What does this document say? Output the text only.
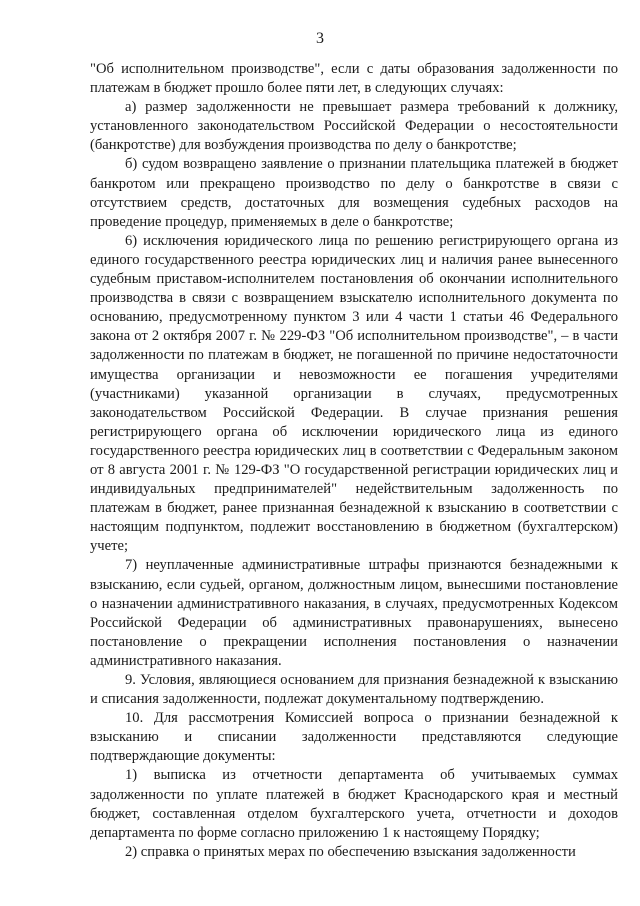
3

"Об исполнительном производстве", если с даты образования задолженности по платежам в бюджет прошло более пяти лет, в следующих случаях:

а) размер задолженности не превышает размера требований к должнику, установленного законодательством Российской Федерации о несостоятельности (банкротстве) для возбуждения производства по делу о банкротстве;

б) судом возвращено заявление о признании плательщика платежей в бюджет банкротом или прекращено производство по делу о банкротстве в связи с отсутствием средств, достаточных для возмещения судебных расходов на проведение процедур, применяемых в деле о банкротстве;

6) исключения юридического лица по решению регистрирующего органа из единого государственного реестра юридических лиц и наличия ранее вынесенного судебным приставом-исполнителем постановления об окончании исполнительного производства в связи с возвращением взыскателю исполнительного документа по основанию, предусмотренному пунктом 3 или 4 части 1 статьи 46 Федерального закона от 2 октября 2007 г. № 229-ФЗ "Об исполнительном производстве", – в части задолженности по платежам в бюджет, не погашенной по причине недостаточности имущества организации и невозможности ее погашения учредителями (участниками) указанной организации в случаях, предусмотренных законодательством Российской Федерации. В случае признания решения регистрирующего органа об исключении юридического лица из единого государственного реестра юридических лиц в соответствии с Федеральным законом от 8 августа 2001 г. № 129-ФЗ "О государственной регистрации юридических лиц и индивидуальных предпринимателей" недействительным задолженность по платежам в бюджет, ранее признанная безнадежной к взысканию в соответствии с настоящим подпунктом, подлежит восстановлению в бюджетном (бухгалтерском) учете;

7) неуплаченные административные штрафы признаются безнадежными к взысканию, если судьей, органом, должностным лицом, вынесшими постановление о назначении административного наказания, в случаях, предусмотренных Кодексом Российской Федерации об административных правонарушениях, вынесено постановление о прекращении исполнения постановления о назначении административного наказания.

9. Условия, являющиеся основанием для признания безнадежной к взысканию и списания задолженности, подлежат документальному подтверждению.

10. Для рассмотрения Комиссией вопроса о признании безнадежной к взысканию и списании задолженности представляются следующие подтверждающие документы:

1) выписка из отчетности департамента об учитываемых суммах задолженности по уплате платежей в бюджет Краснодарского края и местный бюджет, составленная отделом бухгалтерского учета, отчетности и доходов департамента по форме согласно приложению 1 к настоящему Порядку;

2) справка о принятых мерах по обеспечению взыскания задолженности
